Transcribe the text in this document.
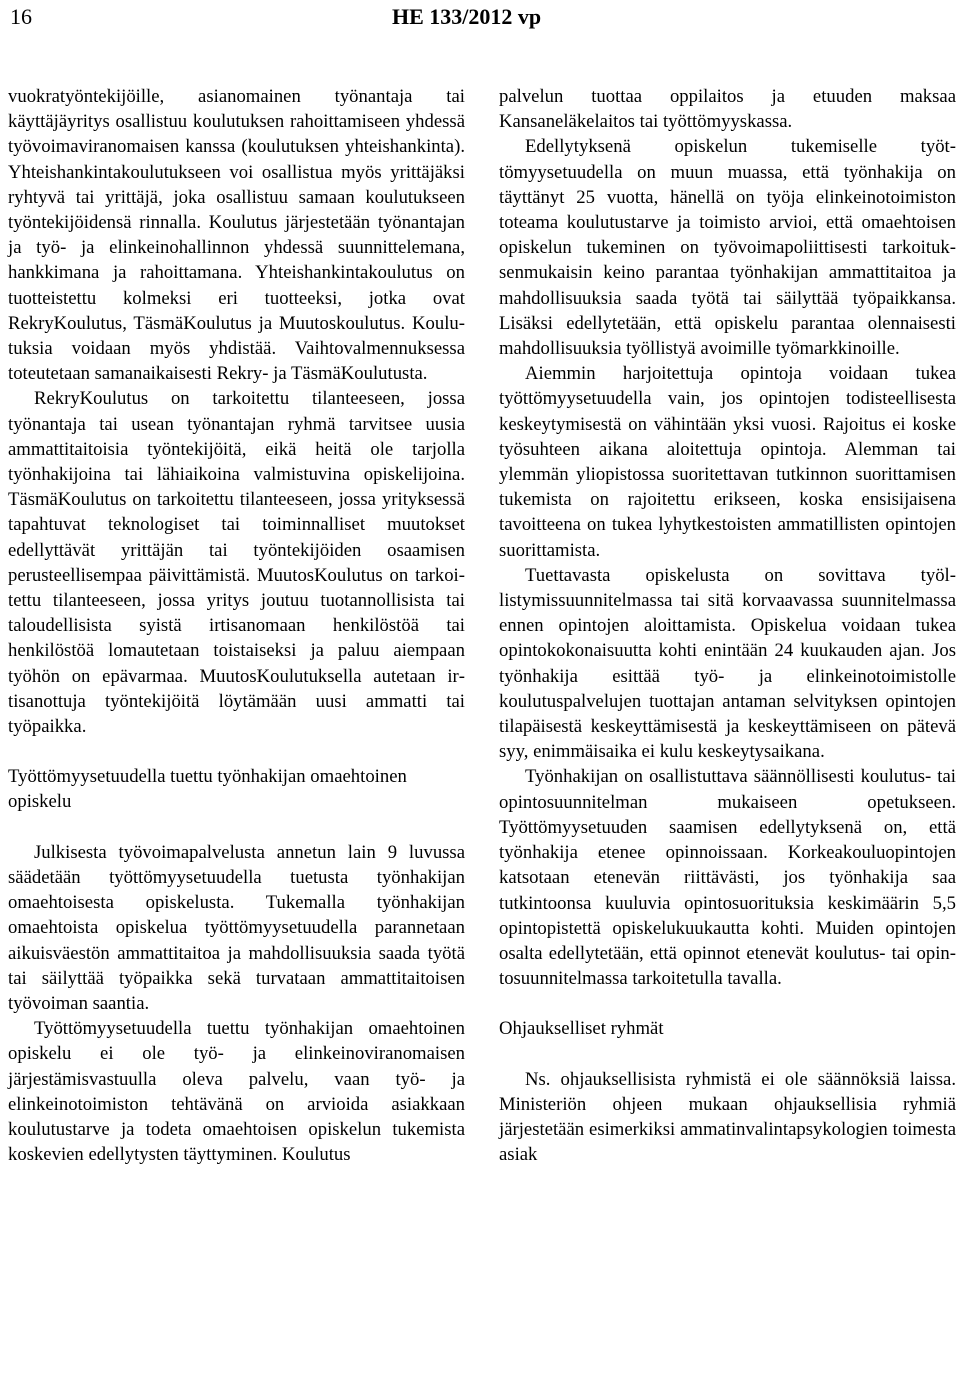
16	HE 133/2012 vp

vuokratyöntekijöille, asianomainen työnantaja tai käyttäjäyritys osallistuu koulutuksen rahoittamiseen yhdessä työvoimaviranomaisen kanssa (koulutuksen yhteishankinta). Yhteishankintakoulutukseen voi osallistua myös yrittäjäksi ryhtyvä tai yrittäjä, joka osallistuu samaan koulutukseen työntekijöidensä rinnalla. Koulutus järjestetään työnantajan ja työ- ja elinkeinohallinnon yhdessä suunnittelemana, hankkimana ja rahoittamana. Yhteishankintakoulutus on tuotteistettu kolmeksi eri tuotteeksi, jotka ovat RekryKoulutus, TäsmäKoulutus ja Muutoskoulutus. Koulutuksia voidaan myös yhdistää. Vaihtovalmennuksessa toteutetaan samanaikaisesti Rekry- ja TäsmäKoulutusta.

RekryKoulutus on tarkoitettu tilanteeseen, jossa työnantaja tai usean työnantajan ryhmä tarvitsee uusia ammattitaitoisia työntekijöitä, eikä heitä ole tarjolla työnhakijoina tai lähiaikoina valmistuvina opiskelijoina. TäsmäKoulutus on tarkoitettu tilanteeseen, jossa yrityksessä tapahtuvat teknologiset tai toiminnalliset muutokset edellyttävät yrittäjän tai työntekijöiden osaamisen perusteellisempaa päivittämistä. MuutosKoulutus on tarkoitettu tilanteeseen, jossa yritys joutuu tuotannollisista tai taloudellisista syistä irtisanomaan henkilöstöä tai henkilöstöä lomautetaan toistaiseksi ja paluu aiempaan työhön on epävarmaa. MuutosKoulutuksella autetaan irtisanottuja työntekijöitä löytämään uusi ammatti tai työpaikka.

Työttömyysetuudella tuettu työnhakijan omaehtoinen opiskelu

Julkisesta työvoimapalvelusta annetun lain 9 luvussa säädetään työttömyysetuudella tuetusta työnhakijan omaehtoisesta opiskelusta. Tukemalla työnhakijan omaehtoista opiskelua työttömyysetuudella parannetaan aikuisväestön ammattitaitoa ja mahdollisuuksia saada työtä tai säilyttää työpaikka sekä turvataan ammattitaitoisen työvoiman saantia.

Työttömyysetuudella tuettu työnhakijan omaehtoinen opiskelu ei ole työ- ja elinkeinoviranomaisen järjestämisvastuulla oleva palvelu, vaan työ- ja elinkeinotoimiston tehtävänä on arvioida asiakkaan koulutustarve ja todeta omaehtoisen opiskelun tukemista koskevien edellytysten täyttyminen. Koulutus

palvelun tuottaa oppilaitos ja etuuden maksaa Kansaneläkelaitos tai työttömyyskassa.

Edellytyksenä opiskelun tukemiselle työttömyysetuudella on muun muassa, että työnhakija on täyttänyt 25 vuotta, hänellä on työja elinkeinotoimiston toteama koulutustarve ja toimisto arvioi, että omaehtoisen opiskelun tukeminen on työvoimapoliittisesti tarkoituksenmukaisin keino parantaa työnhakijan ammattitaitoa ja mahdollisuuksia saada työtä tai säilyttää työpaikkansa. Lisäksi edellytetään, että opiskelu parantaa olennaisesti mahdollisuuksia työllistyä avoimille työmarkkinoille.

Aiemmin harjoitettuja opintoja voidaan tukea työttömyysetuudella vain, jos opintojen todisteellisesta keskeytymisestä on vähintään yksi vuosi. Rajoitus ei koske työsuhteen aikana aloitettuja opintoja. Alemman tai ylemmän yliopistossa suoritettavan tutkinnon suorittamisen tukemista on rajoitettu erikseen, koska ensisijaisena tavoitteena on tukea lyhytkestoisten ammatillisten opintojen suorittamista.

Tuettavasta opiskelusta on sovittava työllistymissuunnitelmassa tai sitä korvaavassa suunnitelmassa ennen opintojen aloittamista. Opiskelua voidaan tukea opintokokonaisuutta kohti enintään 24 kuukauden ajan. Jos työnhakija esittää työ- ja elinkeinotoimistolle koulutuspalvelujen tuottajan antaman selvityksen opintojen tilapäisestä keskeyttämisestä ja keskeyttämiseen on pätevä syy, enimmäisaika ei kulu keskeytysaikana.

Työnhakijan on osallistuttava säännöllisesti koulutus- tai opintosuunnitelman mukaiseen opetukseen. Työttömyysetuuden saamisen edellytyksenä on, että työnhakija etenee opinnoissaan. Korkeakouluopintojen katsotaan etenevän riittävästi, jos työnhakija saa tutkintoonsa kuuluvia opintosuorituksia keskimäärin 5,5 opintopistettä opiskelukuukautta kohti. Muiden opintojen osalta edellytetään, että opinnot etenevät koulutus- tai opintosuunnitelmassa tarkoitetulla tavalla.

Ohjaukselliset ryhmät

Ns. ohjauksellisista ryhmistä ei ole säännöksiä laissa. Ministeriön ohjeen mukaan ohjauksellisia ryhmiä järjestetään esimerkiksi ammatinvalintapsykologien toimesta asiak
